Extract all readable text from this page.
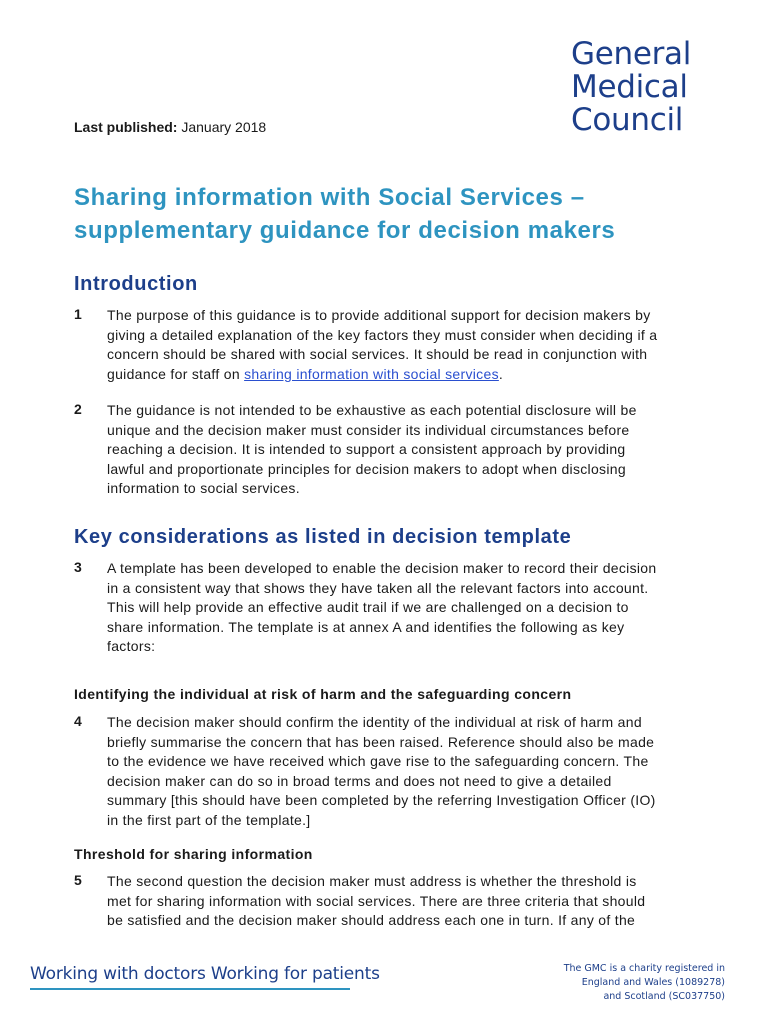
General
Medical
Council
Last published: January 2018
Sharing information with Social Services –
supplementary guidance for decision makers
Introduction
1 The purpose of this guidance is to provide additional support for decision makers by
giving a detailed explanation of the key factors they must consider when deciding if a
concern should be shared with social services. It should be read in conjunction with
guidance for staff on sharing information with social services.
2 The guidance is not intended to be exhaustive as each potential disclosure will be
unique and the decision maker must consider its individual circumstances before
reaching a decision. It is intended to support a consistent approach by providing
lawful and proportionate principles for decision makers to adopt when disclosing
information to social services.
Key considerations as listed in decision template
3 A template has been developed to enable the decision maker to record their decision
in a consistent way that shows they have taken all the relevant factors into account.
This will help provide an effective audit trail if we are challenged on a decision to
share information. The template is at annex A and identifies the following as key
factors:
Identifying the individual at risk of harm and the safeguarding concern
4 The decision maker should confirm the identity of the individual at risk of harm and
briefly summarise the concern that has been raised. Reference should also be made
to the evidence we have received which gave rise to the safeguarding concern. The
decision maker can do so in broad terms and does not need to give a detailed
summary [this should have been completed by the referring Investigation Officer (IO)
in the first part of the template.]
Threshold for sharing information
5 The second question the decision maker must address is whether the threshold is
met for sharing information with social services. There are three criteria that should
be satisfied and the decision maker should address each one in turn. If any of the
Working with doctors Working for patients	The GMC is a charity registered in
England and Wales (1089278)
and Scotland (SC037750)
